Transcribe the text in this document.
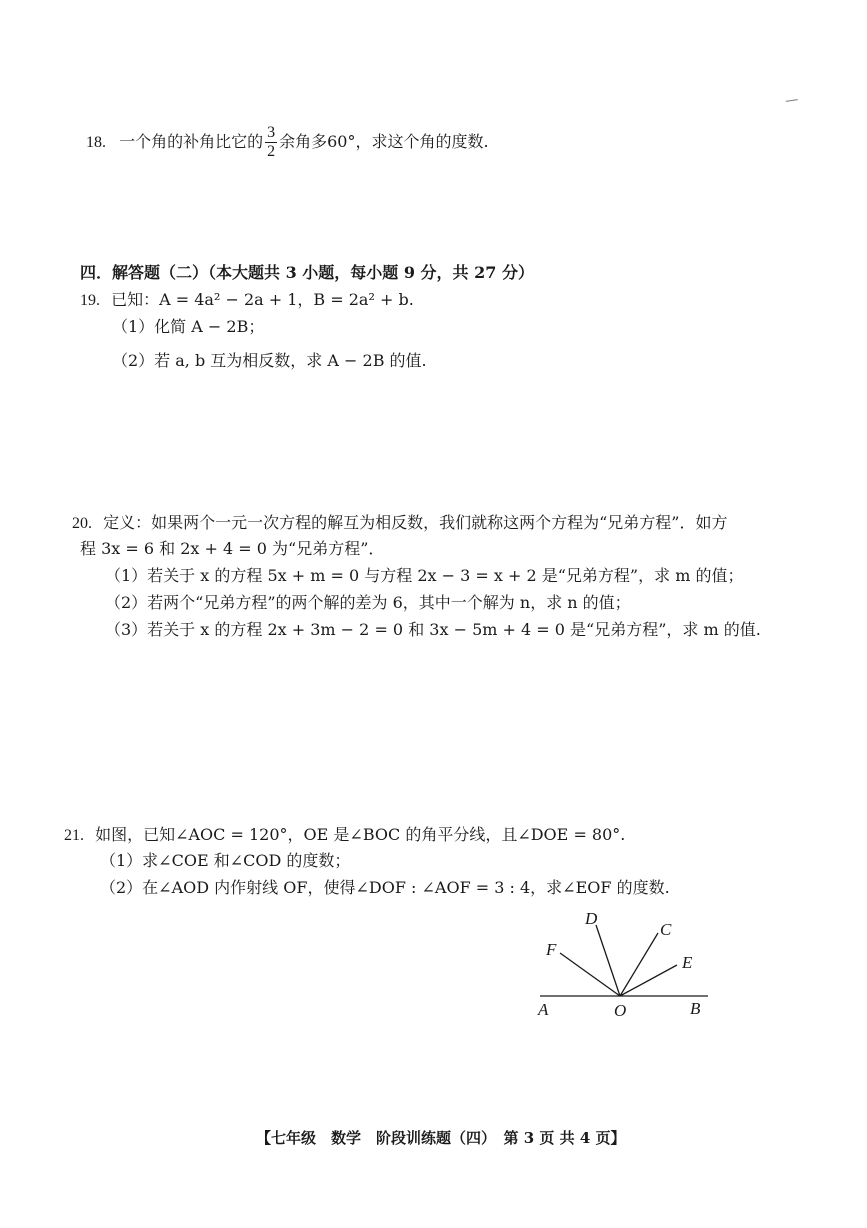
18. 一个角的补角比它的 $\frac{3}{2}$ 余角多60°，求这个角的度数.
四．解答题（二）（本大题共 3 小题，每小题 9 分，共 27 分）
19. 已知：A = 4a² − 2a + 1，B = 2a² + b.
（1）化简 A − 2B；
（2）若 a, b 互为相反数，求 A − 2B 的值.
20. 定义：如果两个一元一次方程的解互为相反数，我们就称这两个方程为“兄弟方程”．如方
程 3x = 6 和 2x + 4 = 0 为“兄弟方程”．
（1）若关于 x 的方程 5x + m = 0 与方程 2x − 3 = x + 2 是“兄弟方程”，求 m 的值；
（2）若两个“兄弟方程”的两个解的差为 6，其中一个解为 n，求 n 的值；
（3）若关于 x 的方程 2x + 3m − 2 = 0 和 3x − 5m + 4 = 0 是“兄弟方程”，求 m 的值.
21. 如图，已知∠AOC = 120°，OE 是∠BOC 的角平分线，且∠DOE = 80°.
（1）求∠COE 和∠COD 的度数；
（2）在∠AOD 内作射线 OF，使得∠DOF : ∠AOF = 3 : 4，求∠EOF 的度数.
A	O	B
C
D
E
F
【七年级　数学　阶段训练题（四）　第 3 页 共 4 页】
